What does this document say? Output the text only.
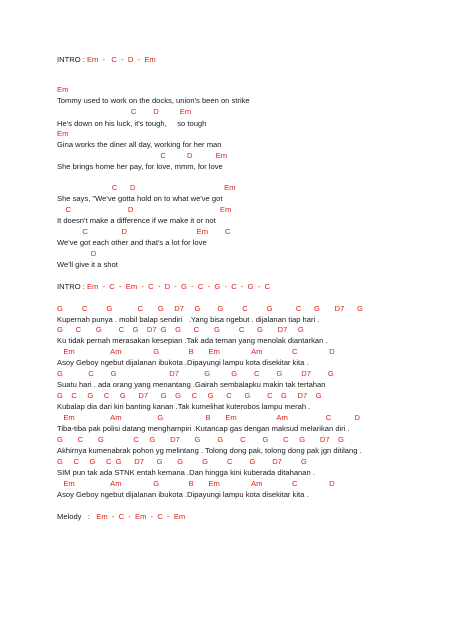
INTRO : Em  -   C  -  D  -  Em

Em

Tommy used to work on the docks, union's been on strike

C        D          Em

He's down on his luck, it's tough,     so tough

Em

Gina works the diner all day, working for her man

C          D           Em

She brings home her pay, for love, mmm, for love

C      D                                          Em

She says, "We've gotta hold on to what we've got

C                           D                                         Em

It doesn't make a difference if we make it or not

C                D                                 Em        C

We've got each other and that's a lot for love

D

We'll give it a shot

INTRO : Em  -  C  -  Em  -  C  -  D  -  G  -  C  -  G  -  C  -  G  -  C

G         C         G            C       G     D7     G        G         C         G           C      G       D7      G

Kupernah punya . mobil balap sendiri   .Yang bisa ngebut . dijalanan tiap hari .

G      C       G        C    G    D7  G    G      C       G         C      G       D7     G

Ku tidak pernah merasakan kesepian .Tak ada teman yang menolak diantarkan .

Em                 Am               G              B       Em               Am              C               D

Asoy Geboy ngebut dijalanan ibukota .Dipayungi lampu kota disekitar kita .

G            C        G                         D7            G          G        C        G         D7        G

Suatu hari . ada orang yang menantang .Gairah sembalapku makin tak tertahan

G    C     G     C     G      D7      G    G     C     G      C      G        C    G     D7    G

Kubalap dia dari kiri banting kanan .Tak kumelihat kuterobos lampu merah .

Em                 Am                 G                    B       Em                   Am                  C           D

Tiba-tiba pak polisi datang menghampiri .Kutancap gas dengan maksud melarikan diri .

G       C       G              C     G       D7       G        G        C        G       C     G       D7    G

Akhirnya kumenabrak pohon yg melintang . Tolong dong pak, tolong dong pak jgn ditilang .

G     C     G     C  G      D7      G       G         G         C        G        D7         G

SIM pun tak ada STNK entah kemana .Dan hingga kini kuberada ditahanan .

Em                 Am               G              B       Em               Am              C               D

Asoy Geboy ngebut dijalanan ibukota .Dipayungi lampu kota disekitar kita .

Melody   :   Em  -  C  -  Em  -  C  -  Em
